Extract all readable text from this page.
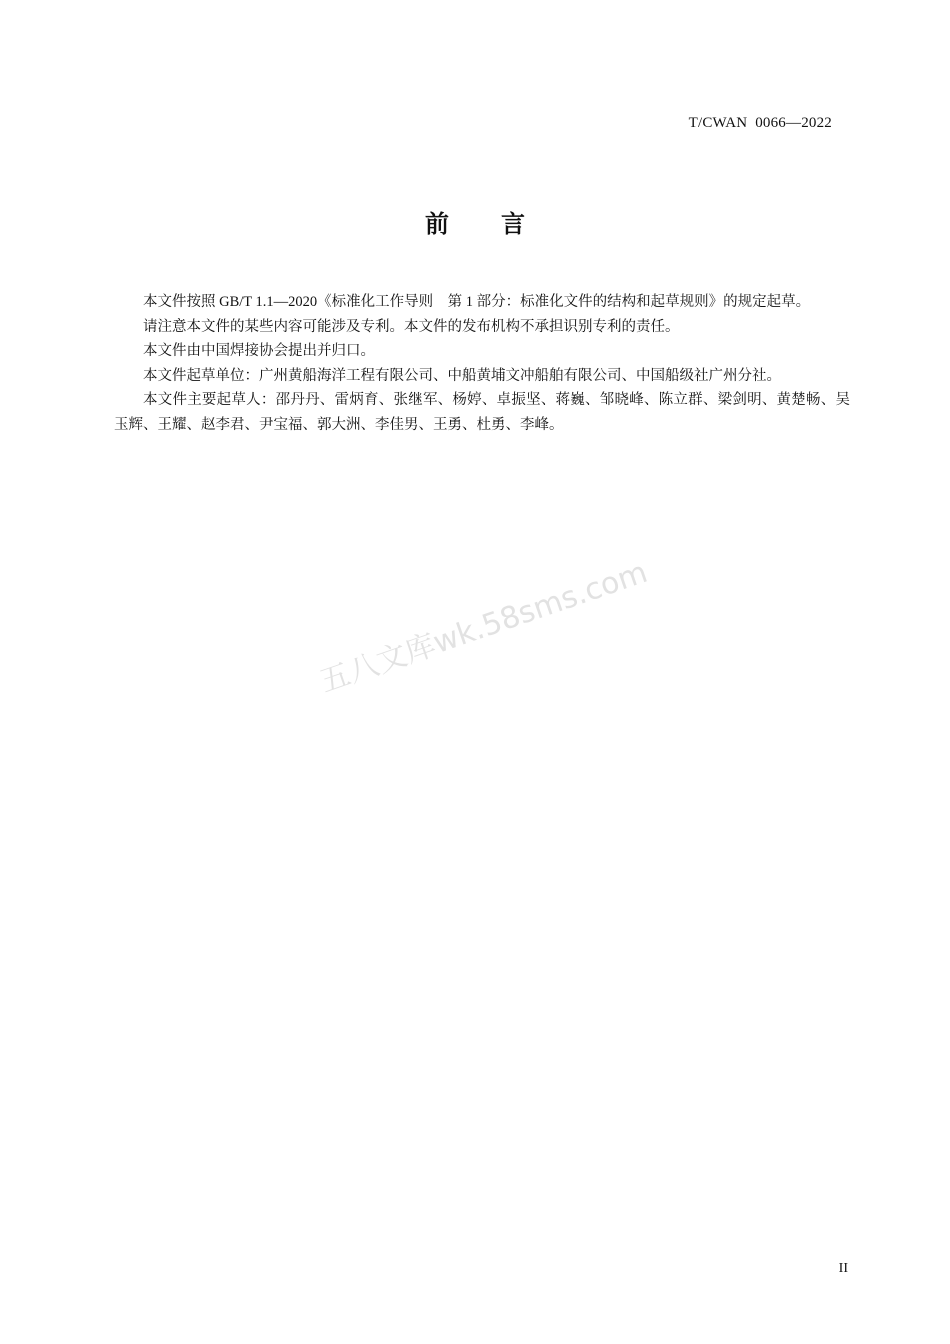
T/CWAN  0066—2022
前言

本文件按照 GB/T 1.1—2020《标准化工作导则　第 1 部分：标准化文件的结构和起草规则》的规定起草。

请注意本文件的某些内容可能涉及专利。本文件的发布机构不承担识别专利的责任。

本文件由中国焊接协会提出并归口。

本文件起草单位：广州黄船海洋工程有限公司、中船黄埔文冲船舶有限公司、中国船级社广州分社。

本文件主要起草人：邵丹丹、雷炳育、张继军、杨婷、卓振坚、蒋巍、邹晓峰、陈立群、梁剑明、黄楚畅、吴玉辉、王耀、赵李君、尹宝福、郭大洲、李佳男、王勇、杜勇、李峰。

五八文库wk.58sms.com
II
